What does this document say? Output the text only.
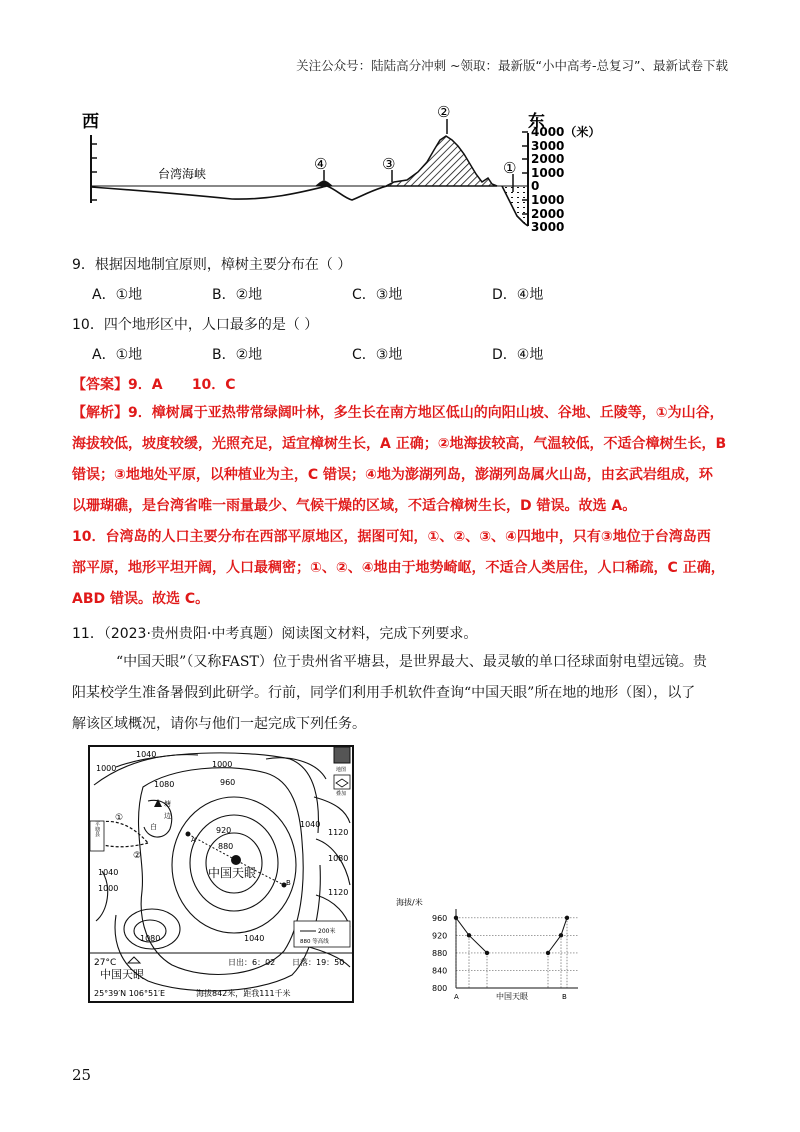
关注公众号：陆陆高分冲刺 ~领取：最新版“小中高考-总复习”、最新试卷下载
西	东
台湾海峡
④	③
②
①
4000（米）
3000
2000
1000
0
1000
2000
3000
9．根据因地制宜原则，樟树主要分布在（ ）
A．①地	B．②地	C．③地	D．④地
10．四个地形区中，人口最多的是（ ）
A．①地	B．②地	C．③地	D．④地
【答案】9．A      10．C
【解析】9．樟树属于亚热带常绿阔叶林，多生长在南方地区低山的向阳山坡、谷地、丘陵等，①为山谷，
海拔较低，坡度较缓，光照充足，适宜樟树生长，A 正确；②地海拔较高，气温较低，不适合樟树生长，B
错误；③地地处平原，以种植业为主，C 错误；④地为澎湖列岛，澎湖列岛属火山岛，由玄武岩组成，环
以珊瑚礁，是台湾省唯一雨量最少、气候干燥的区域，不适合樟树生长，D 错误。故选 A。
10．台湾岛的人口主要分布在西部平原地区，据图可知，①、②、③、④四地中，只有③地位于台湾岛西
部平原，地形平坦开阔，人口最稠密；①、②、④地由于地势崎岖，不适合人类居住，人口稀疏，C 正确，
ABD 错误。故选 C。
11．（2023·贵州贵阳·中考真题）阅读图文材料，完成下列要求。
“中国天眼”（又称FAST）位于贵州省平塘县，是世界最大、最灵敏的单口径球面射电望远镜。贵
阳某校学生准备暑假到此研学。行前，同学们利用手机软件查询“中国天眼”所在地的地形（图），以了
解该区域概况，请你与他们一起完成下列任务。
A
B
中国天眼
塘
边
白
①
②
平塘县
1040
1000
1080
1000
960
920
880
1040
1120
1080
1040
1000
1080	1040
1120
地图
叠加
200米
880 等高线
27°C
中国天眼
25°39′N 106°51′E	海拔842米，距我111千米
日出：6：02 日落：19：50
海拔/米
960
920
880
840
800
A	中国天眼	B
25
